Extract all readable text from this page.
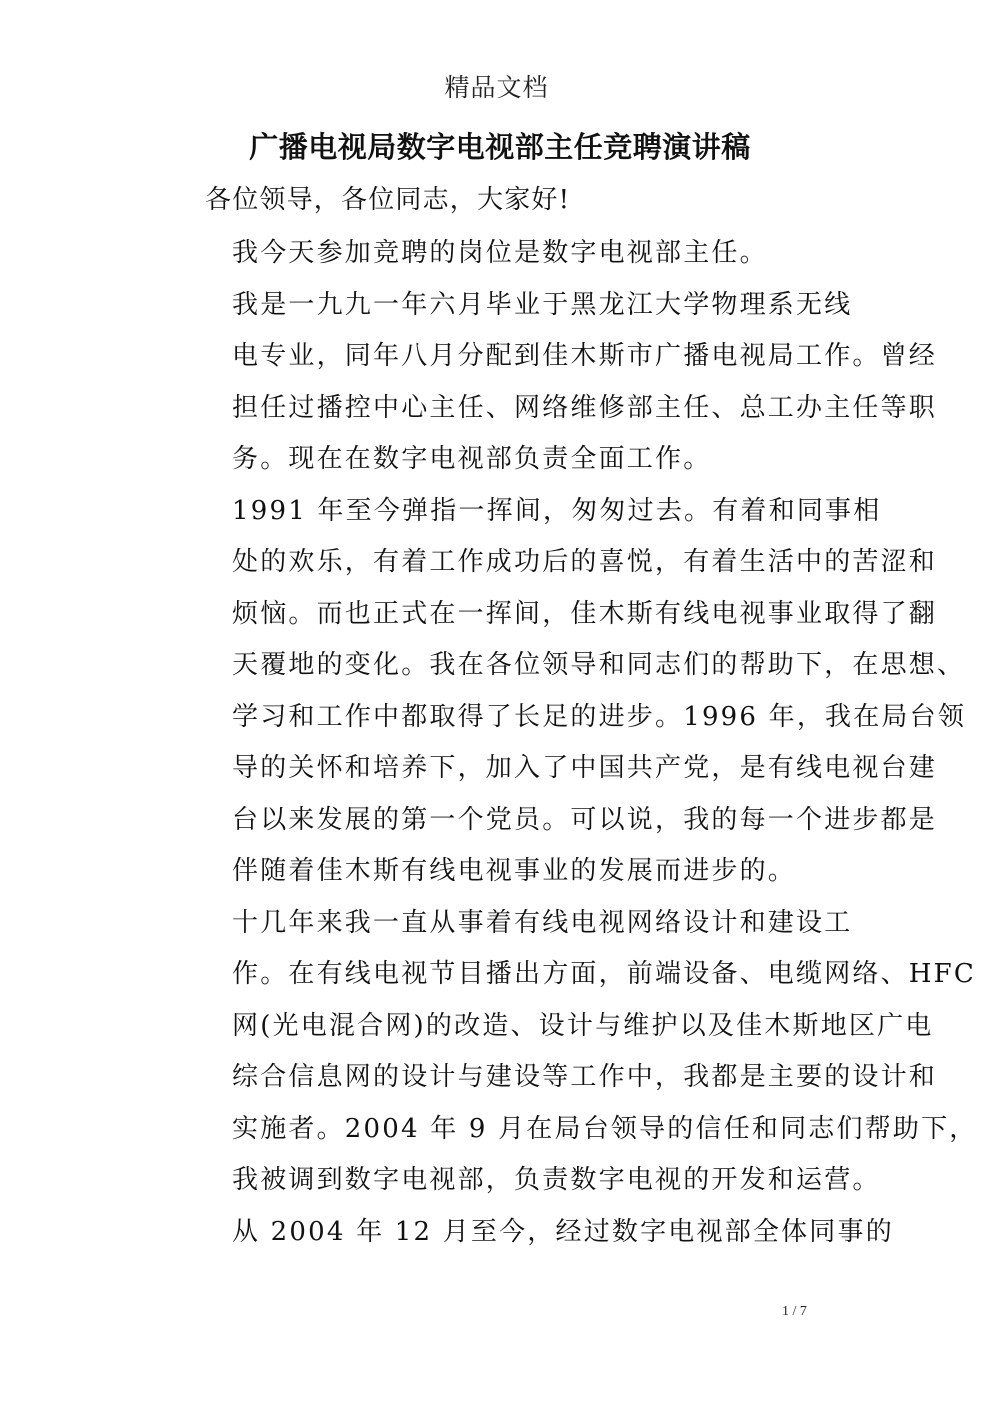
精品文档
广播电视局数字电视部主任竞聘演讲稿
各位领导，各位同志，大家好!
我今天参加竞聘的岗位是数字电视部主任。
我是一九九一年六月毕业于黑龙江大学物理系无线
电专业，同年八月分配到佳木斯市广播电视局工作。曾经
担任过播控中心主任、网络维修部主任、总工办主任等职
务。现在在数字电视部负责全面工作。
1991 年至今弹指一挥间，匆匆过去。有着和同事相
处的欢乐，有着工作成功后的喜悦，有着生活中的苦涩和
烦恼。而也正式在一挥间，佳木斯有线电视事业取得了翻
天覆地的变化。我在各位领导和同志们的帮助下，在思想、
学习和工作中都取得了长足的进步。1996 年，我在局台领
导的关怀和培养下，加入了中国共产党，是有线电视台建
台以来发展的第一个党员。可以说，我的每一个进步都是
伴随着佳木斯有线电视事业的发展而进步的。
十几年来我一直从事着有线电视网络设计和建设工
作。在有线电视节目播出方面，前端设备、电缆网络、HFC
网(光电混合网)的改造、设计与维护以及佳木斯地区广电
综合信息网的设计与建设等工作中，我都是主要的设计和
实施者。2004 年 9 月在局台领导的信任和同志们帮助下，
我被调到数字电视部，负责数字电视的开发和运营。
从 2004 年 12 月至今，经过数字电视部全体同事的
1 / 7
